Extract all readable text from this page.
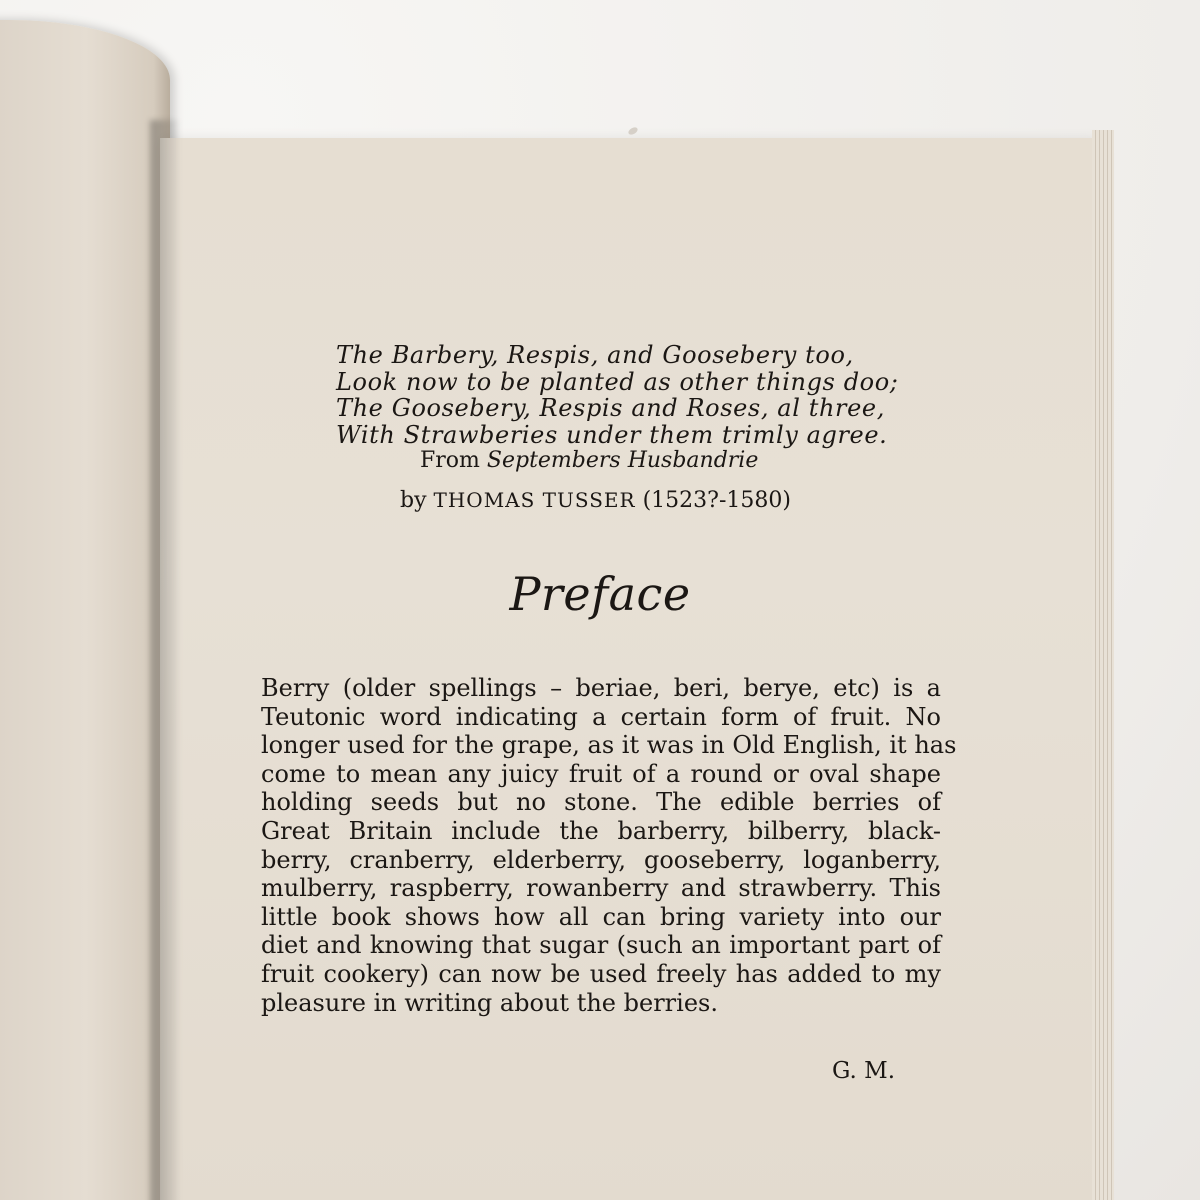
The Barbery, Respis, and Goosebery too,
Look now to be planted as other things doo;
The Goosebery, Respis and Roses, al three,
With Strawberies under them trimly agree.
From Septembers Husbandrie
by THOMAS TUSSER (1523?-1580)
Preface
Berry (older spellings – beriae, beri, berye, etc) is a
Teutonic word indicating a certain form of fruit. No
longer used for the grape, as it was in Old English, it has
come to mean any juicy fruit of a round or oval shape
holding seeds but no stone. The edible berries of
Great Britain include the barberry, bilberry, black-
berry, cranberry, elderberry, gooseberry, loganberry,
mulberry, raspberry, rowanberry and strawberry. This
little book shows how all can bring variety into our
diet and knowing that sugar (such an important part of
fruit cookery) can now be used freely has added to my
pleasure in writing about the berries.
G. M.
